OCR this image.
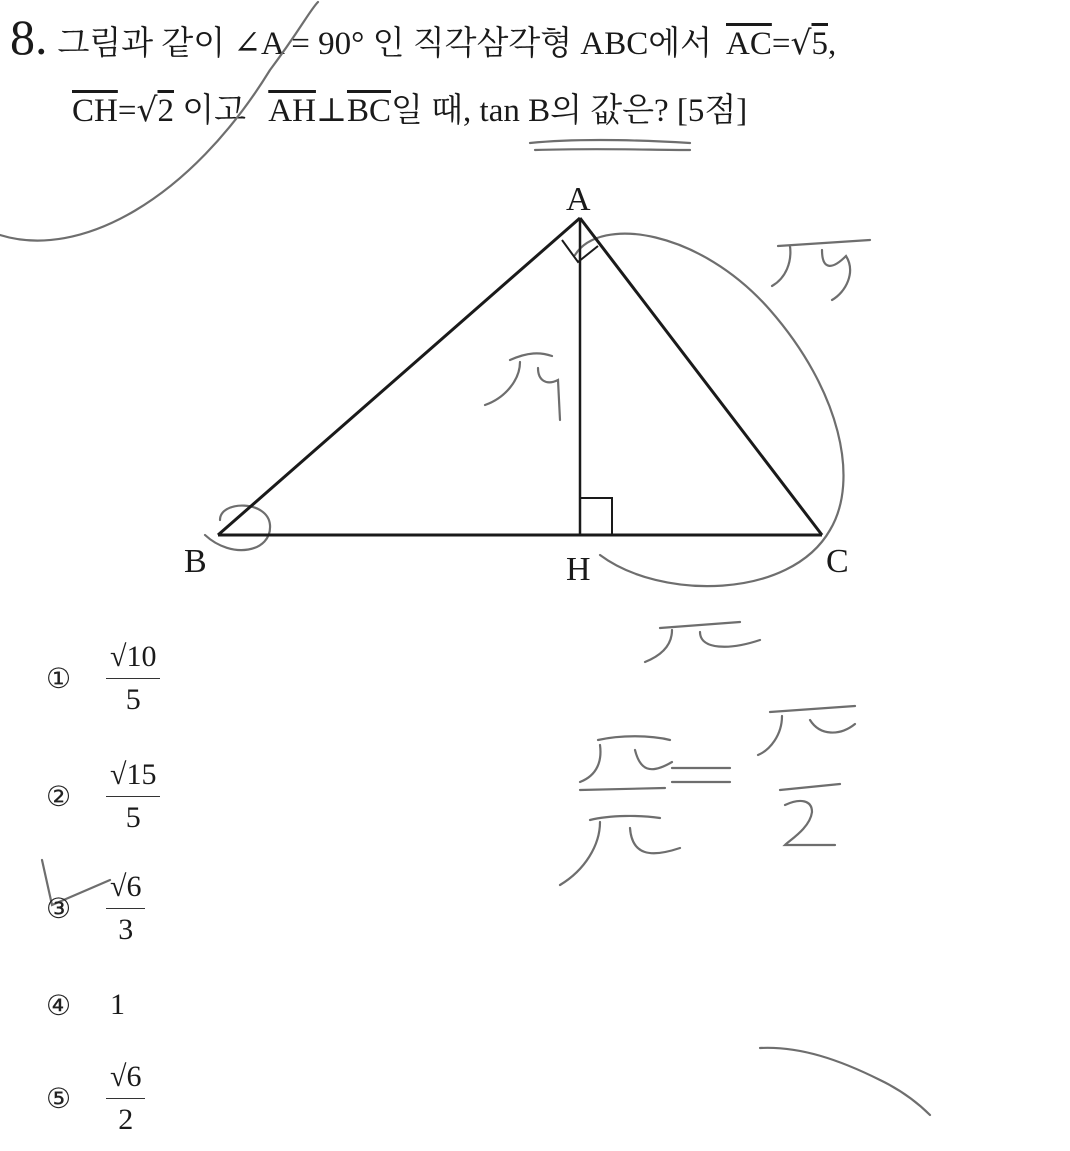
8. 그림과 같이 ∠A = 90° 인 직각삼각형 ABC에서 $\overline{AC}$ = √ 5 ,
$\overline{CH}=√2$ 이고 $\overline{AH}\perp\overline{BC}$일 때, tan B의 값은? [5점]
A
B	H	C
①	$\frac{√10}{5}$
②	$\frac{√15}{5}$
③	$\frac{√6}{3}$
④	1
⑤	$\frac{√6}{2}$
